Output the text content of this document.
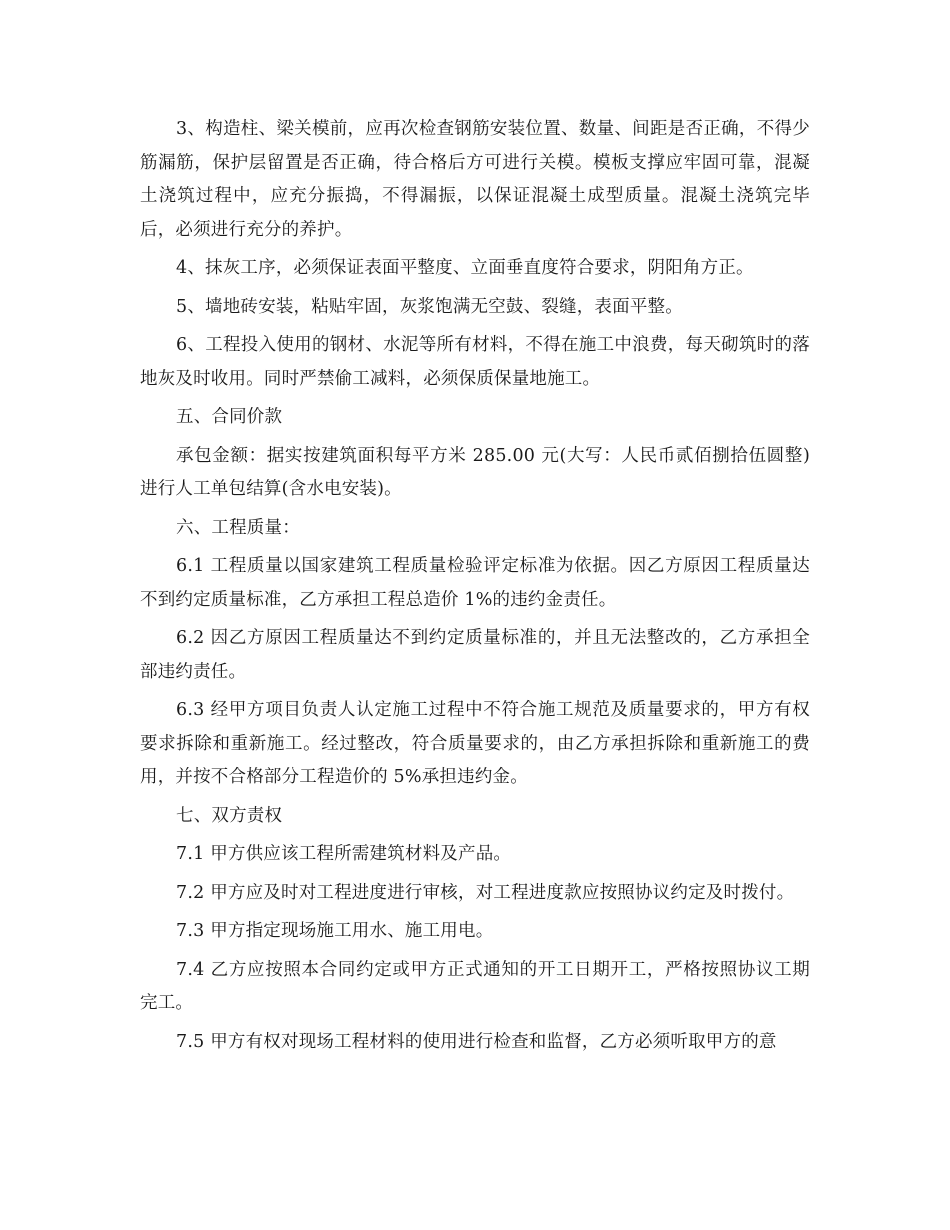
3、构造柱、梁关模前，应再次检查钢筋安装位置、数量、间距是否正确，不得少筋漏筋，保护层留置是否正确，待合格后方可进行关模。模板支撑应牢固可靠，混凝土浇筑过程中，应充分振捣，不得漏振，以保证混凝土成型质量。混凝土浇筑完毕后，必须进行充分的养护。

4、抹灰工序，必须保证表面平整度、立面垂直度符合要求，阴阳角方正。

5、墙地砖安装，粘贴牢固，灰浆饱满无空鼓、裂缝，表面平整。

6、工程投入使用的钢材、水泥等所有材料，不得在施工中浪费，每天砌筑时的落地灰及时收用。同时严禁偷工减料，必须保质保量地施工。

五、合同价款

承包金额：据实按建筑面积每平方米 285.00 元(大写：人民币贰佰捌拾伍圆整)进行人工单包结算(含水电安装)。

六、工程质量：

6.1 工程质量以国家建筑工程质量检验评定标准为依据。因乙方原因工程质量达不到约定质量标准，乙方承担工程总造价 1%的违约金责任。

6.2 因乙方原因工程质量达不到约定质量标准的，并且无法整改的，乙方承担全部违约责任。

6.3 经甲方项目负责人认定施工过程中不符合施工规范及质量要求的，甲方有权要求拆除和重新施工。经过整改，符合质量要求的，由乙方承担拆除和重新施工的费用，并按不合格部分工程造价的 5%承担违约金。

七、双方责权

7.1 甲方供应该工程所需建筑材料及产品。

7.2 甲方应及时对工程进度进行审核，对工程进度款应按照协议约定及时拨付。

7.3 甲方指定现场施工用水、施工用电。

7.4 乙方应按照本合同约定或甲方正式通知的开工日期开工，严格按照协议工期完工。

7.5 甲方有权对现场工程材料的使用进行检查和监督，乙方必须听取甲方的意
